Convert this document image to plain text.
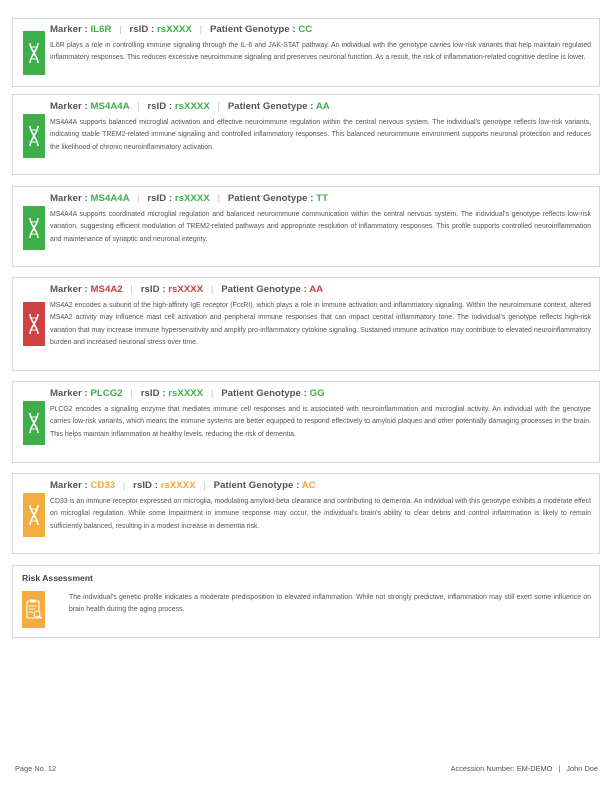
Marker : IL6R | rsID : rsXXXX | Patient Genotype : CC
IL6R plays a role in controlling immune signaling through the IL-6 and JAK-STAT pathway. An individual with the genotype carries low-risk variants that help maintain regulated inflammatory responses. This reduces excessive neuroimmune signaling and preserves neuronal function. As a result, the risk of inflammation-related cognitive decline is lower.
Marker : MS4A4A | rsID : rsXXXX | Patient Genotype : AA
MS4A4A supports balanced microglial activation and effective neuroimmune regulation within the central nervous system. The individual's genotype reflects low-risk variants, indicating stable TREM2-related immune signaling and controlled inflammatory responses. This balanced neuroimmune environment supports neuronal protection and reduces the likelihood of chronic neuroinflammatory activation.
Marker : MS4A4A | rsID : rsXXXX | Patient Genotype : TT
MS4A4A supports coordinated microglial regulation and balanced neuroimmune communication within the central nervous system. The individual's genotype reflects low-risk variation, suggesting efficient modulation of TREM2-related pathways and appropriate resolution of inflammatory responses. This profile supports controlled neuroinflammation and maintenance of synaptic and neuronal integrity.
Marker : MS4A2 | rsID : rsXXXX | Patient Genotype : AA
MS4A2 encodes a subunit of the high-affinity IgE receptor (FcεRI), which plays a role in immune activation and inflammatory signaling. Within the neuroimmune context, altered MS4A2 activity may influence mast cell activation and peripheral immune responses that can impact central inflammatory tone. The individual's genotype reflects high-risk variation that may increase immune hypersensitivity and amplify pro-inflammatory cytokine signaling. Sustained immune activation may contribute to elevated neuroinflammatory burden and increased neuronal stress over time.
Marker : PLCG2 | rsID : rsXXXX | Patient Genotype : GG
PLCG2 encodes a signaling enzyme that mediates immune cell responses and is associated with neuroinflammation and microglial activity. An individual with the genotype carries low-risk variants, which means the immune systems are better equipped to respond effectively to amyloid plaques and other potentially damaging processes in the brain. This helps maintain inflammation at healthy levels, reducing the risk of dementia.
Marker : CD33 | rsID : rsXXXX | Patient Genotype : AC
CD33 is an immune receptor expressed on microglia, modulating amyloid-beta clearance and contributing to dementia. An individual with this genotype exhibits a moderate effect on microglial regulation. While some impairment in immune response may occur, the individual's brain's ability to clear debris and control inflammation is likely to remain sufficiently balanced, resulting in a modest increase in dementia risk.
Risk Assessment
The individual's genetic profile indicates a moderate predisposition to elevated inflammation. While not strongly predictive, inflammation may still exert some influence on brain health during the aging process.
Page No. 12	Accession Number: EM-DEMO | John Doe
